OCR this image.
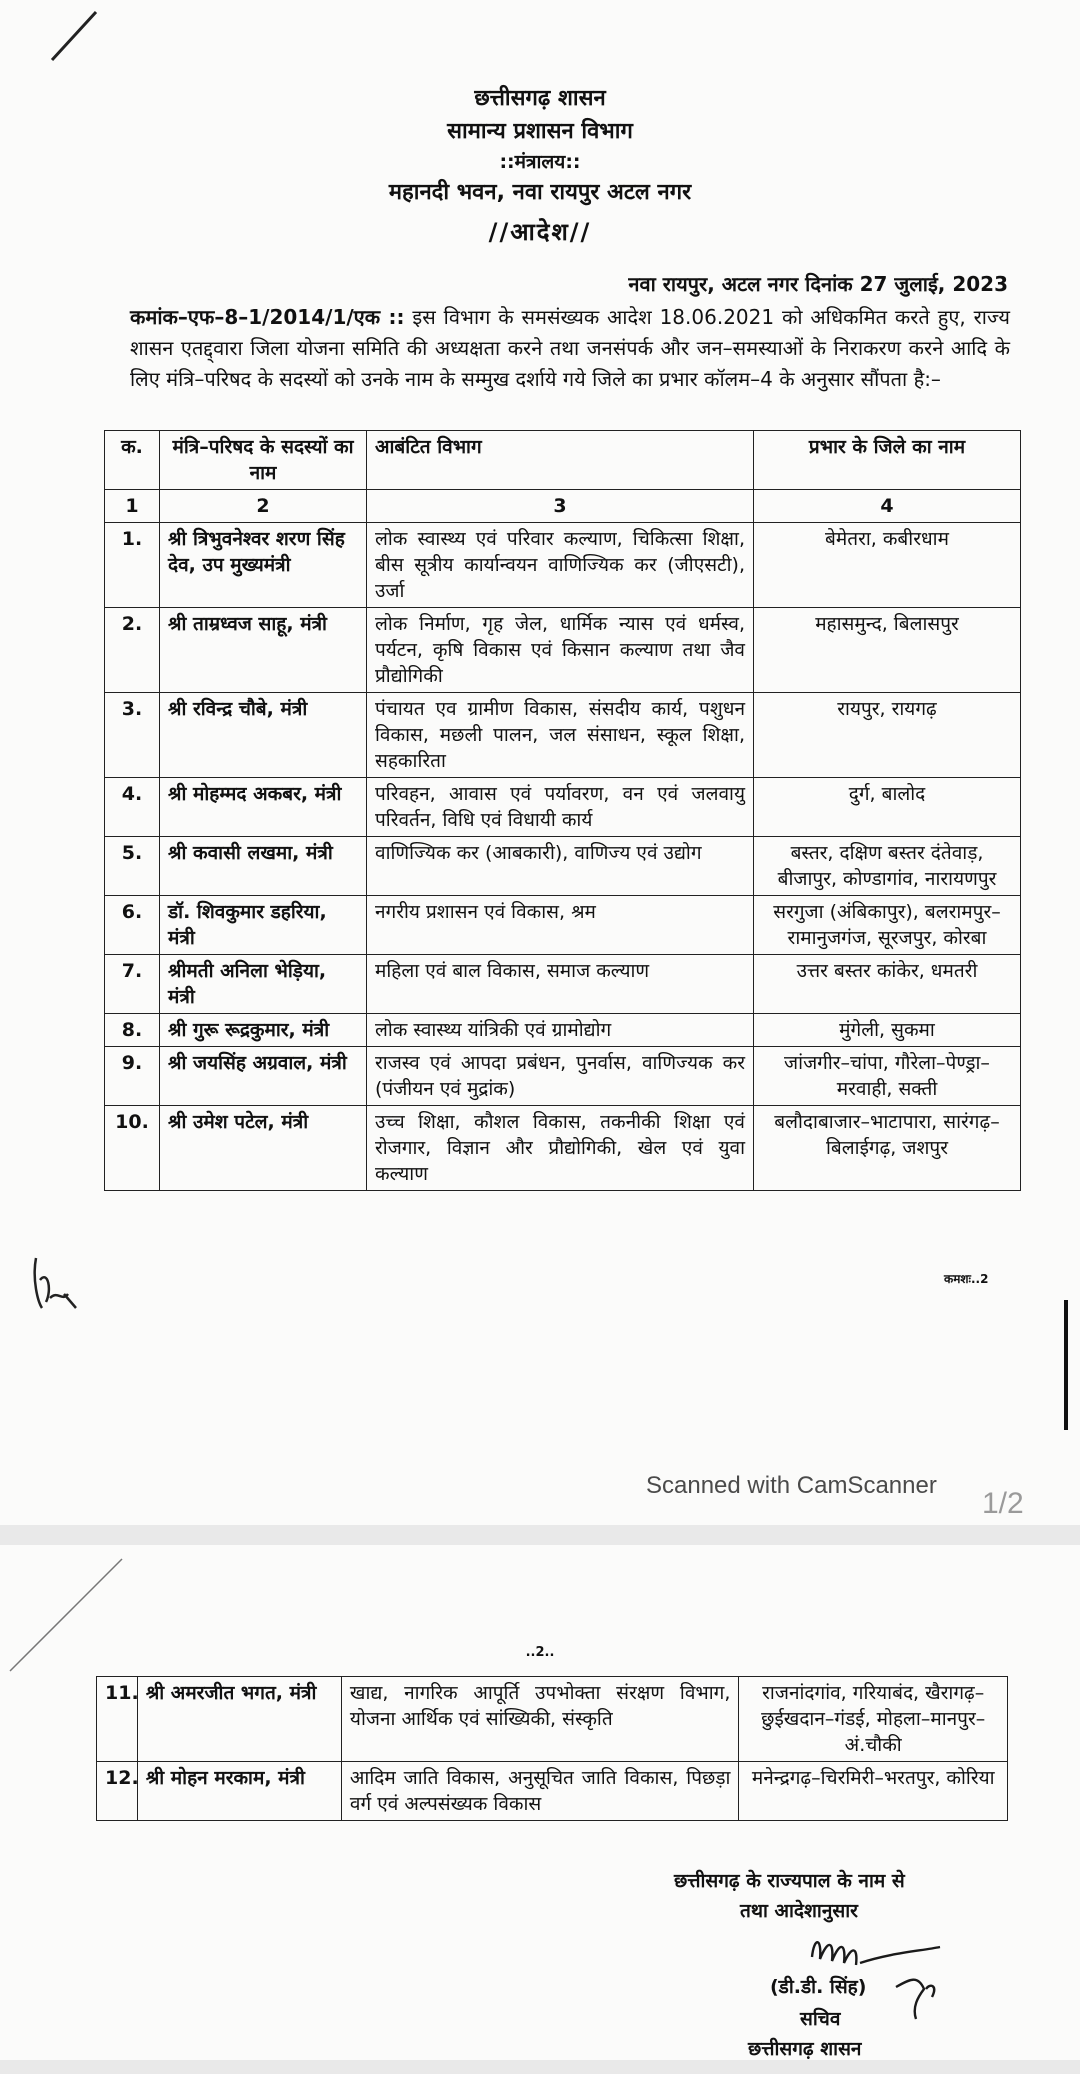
छत्तीसगढ़ शासन
सामान्य प्रशासन विभाग
::मंत्रालय::
महानदी भवन, नवा रायपुर अटल नगर
//आदेश//
नवा रायपुर, अटल नगर दिनांक 27 जुलाई, 2023
कमांक–एफ–8–1/2014/1/एक :: इस विभाग के समसंख्यक आदेश 18.06.2021 को अधिकमित करते हुए, राज्य शासन एतद्द्वारा जिला योजना समिति की अध्यक्षता करने तथा जनसंपर्क और जन–समस्याओं के निराकरण करने आदि के लिए मंत्रि–परिषद के सदस्यों को उनके नाम के सम्मुख दर्शाये गये जिले का प्रभार कॉलम–4 के अनुसार सौंपता है:–
क.	मंत्रि–परिषद के सदस्यों का नाम	आबंटित विभाग	प्रभार के जिले का नाम
1	2	3	4
1.	श्री त्रिभुवनेश्वर शरण सिंह देव, उप मुख्यमंत्री	लोक स्वास्थ्य एवं परिवार कल्याण, चिकित्सा शिक्षा, बीस सूत्रीय कार्यान्वयन वाणिज्यिक कर (जीएसटी), उर्जा	बेमेतरा, कबीरधाम
2.	श्री ताम्रध्वज साहू, मंत्री	लोक निर्माण, गृह जेल, धार्मिक न्यास एवं धर्मस्व, पर्यटन, कृषि विकास एवं किसान कल्याण तथा जैव प्रौद्योगिकी	महासमुन्द, बिलासपुर
3.	श्री रविन्द्र चौबे, मंत्री	पंचायत एव ग्रामीण विकास, संसदीय कार्य, पशुधन विकास, मछली पालन, जल संसाधन, स्कूल शिक्षा, सहकारिता	रायपुर, रायगढ़
4.	श्री मोहम्मद अकबर, मंत्री	परिवहन, आवास एवं पर्यावरण, वन एवं जलवायु परिवर्तन, विधि एवं विधायी कार्य	दुर्ग, बालोद
5.	श्री कवासी लखमा, मंत्री	वाणिज्यिक कर (आबकारी), वाणिज्य एवं उद्योग	बस्तर, दक्षिण बस्तर दंतेवाड़, बीजापुर, कोण्डागांव, नारायणपुर
6.	डॉ. शिवकुमार डहरिया, मंत्री	नगरीय प्रशासन एवं विकास, श्रम	सरगुजा (अंबिकापुर), बलरामपुर–रामानुजगंज, सूरजपुर, कोरबा
7.	श्रीमती अनिला भेड़िया, मंत्री	महिला एवं बाल विकास, समाज कल्याण	उत्तर बस्तर कांकेर, धमतरी
8.	श्री गुरू रूद्रकुमार, मंत्री	लोक स्वास्थ्य यांत्रिकी एवं ग्रामोद्योग	मुंगेली, सुकमा
9.	श्री जयसिंह अग्रवाल, मंत्री	राजस्व एवं आपदा प्रबंधन, पुनर्वास, वाणिज्यक कर (पंजीयन एवं मुद्रांक)	जांजगीर–चांपा, गौरेला–पेण्ड्रा–मरवाही, सक्ती
10.	श्री उमेश पटेल, मंत्री	उच्च शिक्षा, कौशल विकास, तकनीकी शिक्षा एवं रोजगार, विज्ञान और प्रौद्योगिकी, खेल एवं युवा कल्याण	बलौदाबाजार–भाटापारा, सारंगढ़–बिलाईगढ़, जशपुर
कमशः..2
Scanned with CamScanner
1/2
..2..
11.	श्री अमरजीत भगत, मंत्री	खाद्य, नागरिक आपूर्ति उपभोक्ता संरक्षण विभाग, योजना आर्थिक एवं सांख्यिकी, संस्कृति	राजनांदगांव, गरियाबंद, खैरागढ़–छुईखदान–गंडई, मोहला–मानपुर–अं.चौकी
12.	श्री मोहन मरकाम, मंत्री	आदिम जाति विकास, अनुसूचित जाति विकास, पिछड़ा वर्ग एवं अल्पसंख्यक विकास	मनेन्द्रगढ़–चिरमिरी–भरतपुर, कोरिया
छत्तीसगढ़ के राज्यपाल के नाम से
तथा आदेशानुसार
(डी.डी. सिंह)
सचिव
छत्तीसगढ़ शासन
